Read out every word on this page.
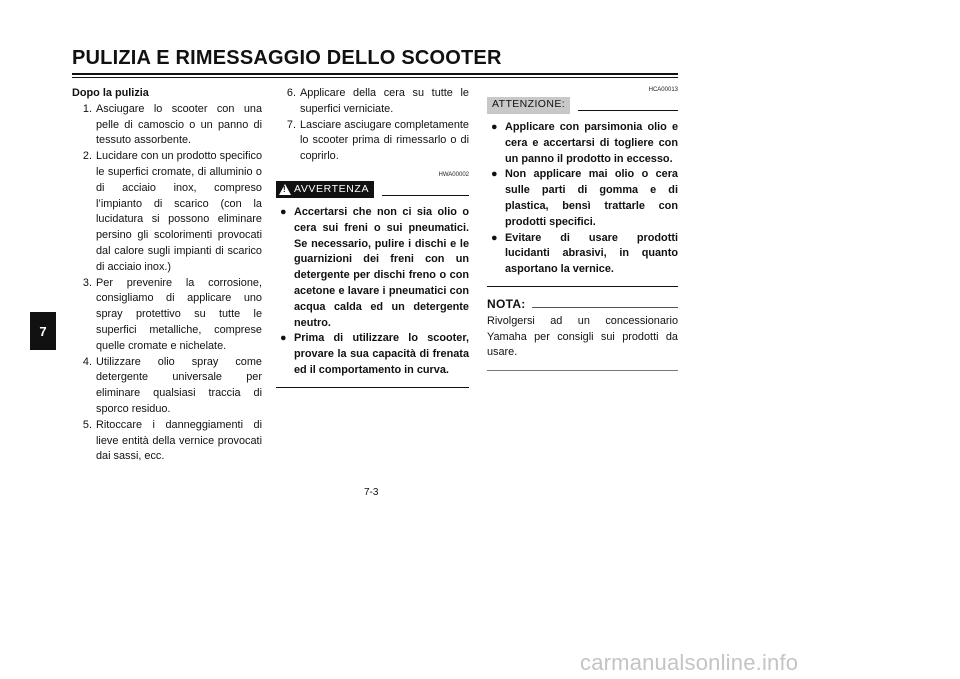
PULIZIA E RIMESSAGGIO DELLO SCOOTER
7
Dopo la pulizia
1. Asciugare lo scooter con una pelle di camoscio o un panno di tessuto assorbente.
2. Lucidare con un prodotto specifico le superfici cromate, di alluminio o di acciaio inox, compreso l’impianto di scarico (con la lucidatura si possono eliminare persino gli scolorimenti provocati dal calore sugli impianti di scarico di acciaio inox.)
3. Per prevenire la corrosione, consigliamo di applicare uno spray protettivo su tutte le superfici metalliche, comprese quelle cromate e nichelate.
4. Utilizzare olio spray come detergente universale per eliminare qualsiasi traccia di sporco residuo.
5. Ritoccare i danneggiamenti di lieve entità della vernice provocati dai sassi, ecc.
6. Applicare della cera su tutte le superfici verniciate.
7. Lasciare asciugare completamente lo scooter prima di rimessarlo o di coprirlo.
HWA00002
!
AVVERTENZA
● Accertarsi che non ci sia olio o cera sui freni o sui pneumatici. Se necessario, pulire i dischi e le guarnizioni dei freni con un detergente per dischi freno o con acetone e lavare i pneumatici con acqua calda ed un detergente neutro.
● Prima di utilizzare lo scooter, provare la sua capacità di frenata ed il comportamento in curva.
HCA00013
ATTENZIONE:
● Applicare con parsimonia olio e cera e accertarsi di togliere con un panno il prodotto in eccesso.
● Non applicare mai olio o cera sulle parti di gomma e di plastica, bensì trattarle con prodotti specifici.
● Evitare di usare prodotti lucidanti abrasivi, in quanto asportano la vernice.
NOTA:
Rivolgersi ad un concessionario Yamaha per consigli sui prodotti da usare.
7-3
carmanualsonline.info
